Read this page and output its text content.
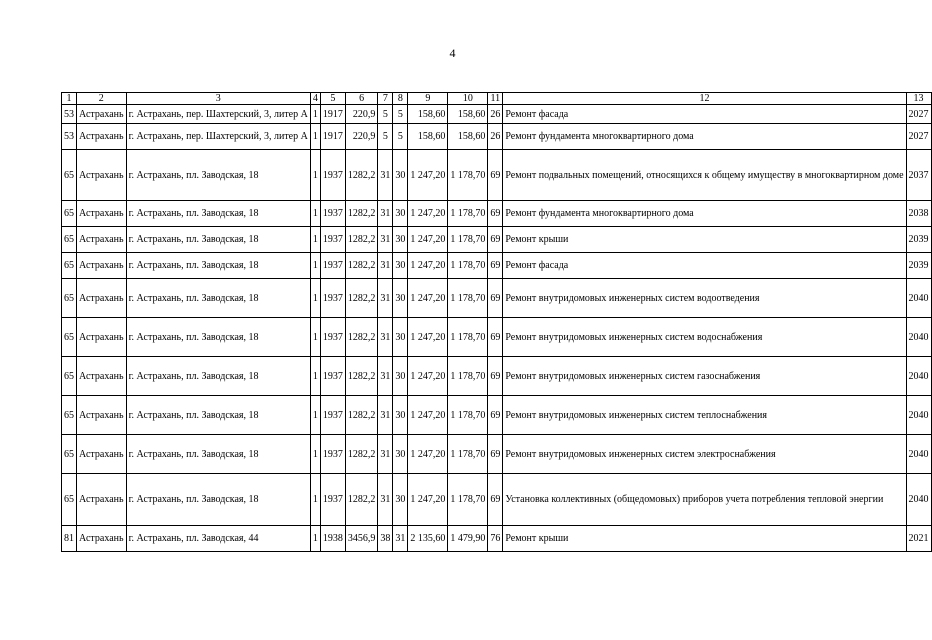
4
1	2	3	4	5	6	7	8	9	10	11	12	13
53	Астрахань	г. Астрахань, пер. Шахтерский, 3, литер А	1	1917	220,9	5	5	158,60	158,60	26	Ремонт фасада	2027
53	Астрахань	г. Астрахань, пер. Шахтерский, 3, литер А	1	1917	220,9	5	5	158,60	158,60	26	Ремонт фундамента многоквартирного дома	2027
65	Астрахань	г. Астрахань, пл. Заводская, 18	1	1937	1282,2	31	30	1 247,20	1 178,70	69	Ремонт подвальных помещений, относящихся к общему имуществу в многоквартирном доме	2037
65	Астрахань	г. Астрахань, пл. Заводская, 18	1	1937	1282,2	31	30	1 247,20	1 178,70	69	Ремонт фундамента многоквартирного дома	2038
65	Астрахань	г. Астрахань, пл. Заводская, 18	1	1937	1282,2	31	30	1 247,20	1 178,70	69	Ремонт крыши	2039
65	Астрахань	г. Астрахань, пл. Заводская, 18	1	1937	1282,2	31	30	1 247,20	1 178,70	69	Ремонт фасада	2039
65	Астрахань	г. Астрахань, пл. Заводская, 18	1	1937	1282,2	31	30	1 247,20	1 178,70	69	Ремонт внутридомовых инженерных систем водоотведения	2040
65	Астрахань	г. Астрахань, пл. Заводская, 18	1	1937	1282,2	31	30	1 247,20	1 178,70	69	Ремонт внутридомовых инженерных систем водоснабжения	2040
65	Астрахань	г. Астрахань, пл. Заводская, 18	1	1937	1282,2	31	30	1 247,20	1 178,70	69	Ремонт внутридомовых инженерных систем газоснабжения	2040
65	Астрахань	г. Астрахань, пл. Заводская, 18	1	1937	1282,2	31	30	1 247,20	1 178,70	69	Ремонт внутридомовых инженерных систем теплоснабжения	2040
65	Астрахань	г. Астрахань, пл. Заводская, 18	1	1937	1282,2	31	30	1 247,20	1 178,70	69	Ремонт внутридомовых инженерных систем электроснабжения	2040
65	Астрахань	г. Астрахань, пл. Заводская, 18	1	1937	1282,2	31	30	1 247,20	1 178,70	69	Установка коллективных (общедомовых) приборов учета потребления тепловой энергии	2040
81	Астрахань	г. Астрахань, пл. Заводская, 44	1	1938	3456,9	38	31	2 135,60	1 479,90	76	Ремонт крыши	2021
